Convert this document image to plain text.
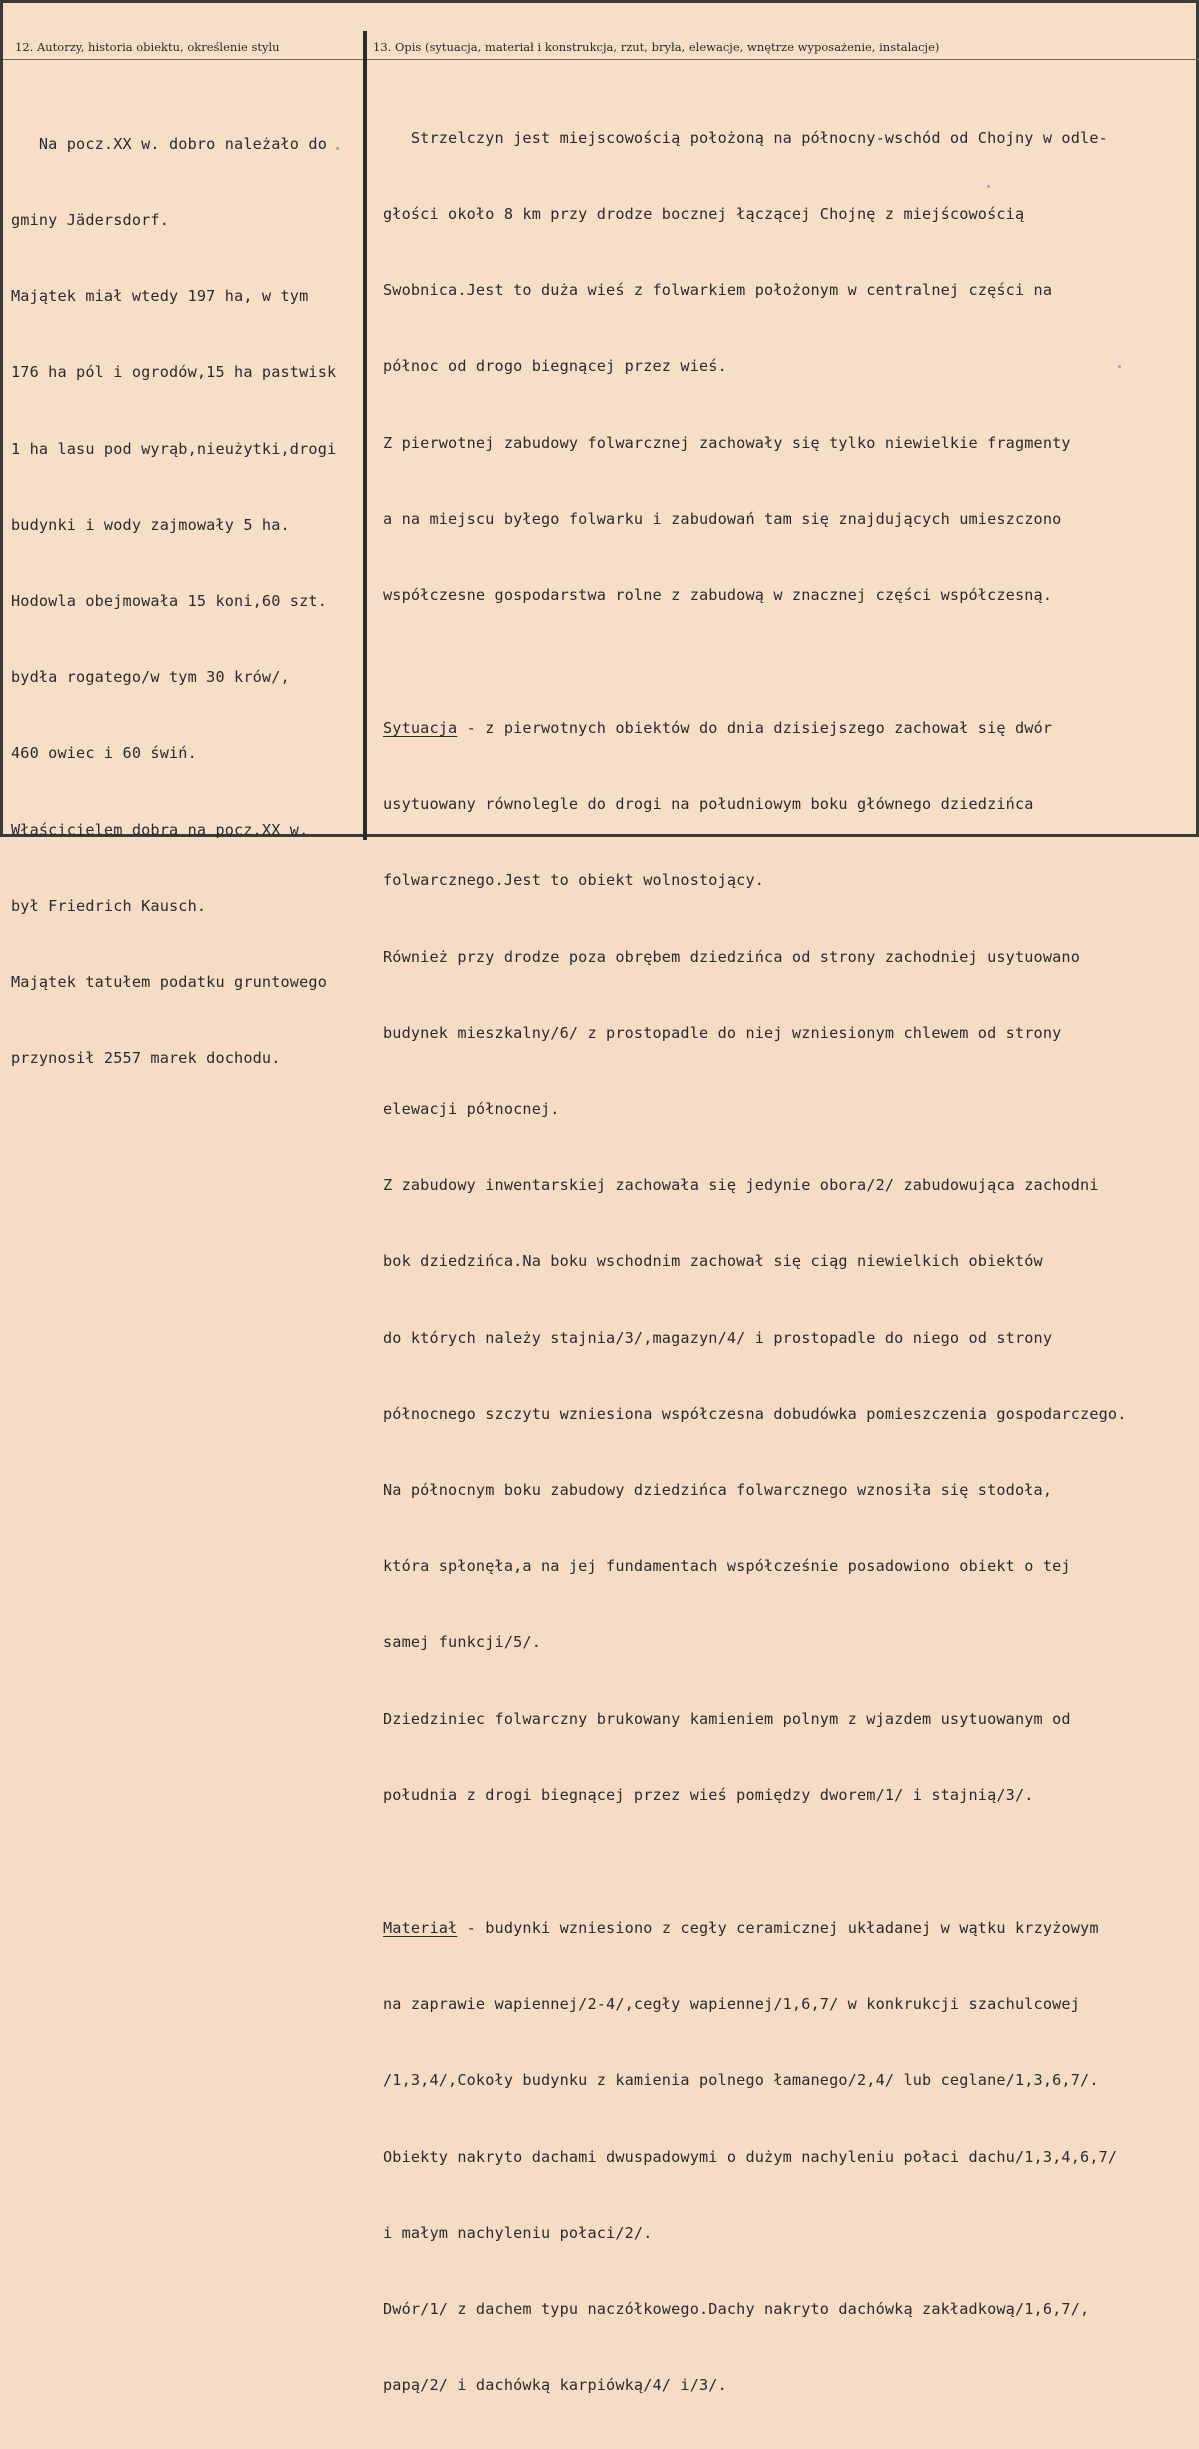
12. Autorzy, historia obiektu, określenie stylu	13. Opis (sytuacja, materiał i konstrukcja, rzut, bryła, elewacje, wnętrze wyposażenie, instalacje)

Na pocz.XX w. dobro należało do

gminy Jädersdorf.

Majątek miał wtedy 197 ha, w tym

176 ha pól i ogrodów,15 ha pastwisk

1 ha lasu pod wyrąb,nieużytki,drogi

budynki i wody zajmowały 5 ha.

Hodowla obejmowała 15 koni,60 szt.

bydła rogatego/w tym 30 krów/,

460 owiec i 60 świń.

Właścicielem dobra na pocz.XX w.

był Friedrich Kausch.

Majątek tatułem podatku gruntowego

przynosił 2557 marek dochodu.

Strzelczyn jest miejscowością położoną na północny-wschód od Chojny w odle-

głości około 8 km przy drodze bocznej łączącej Chojnę z miejścowością

Swobnica.Jest to duża wieś z folwarkiem położonym w centralnej części na

północ od drogo biegnącej przez wieś.

Z pierwotnej zabudowy folwarcznej zachowały się tylko niewielkie fragmenty

a na miejscu byłego folwarku i zabudowań tam się znajdujących umieszczono

współczesne gospodarstwa rolne z zabudową w znacznej części współczesną.

Sytuacja - z pierwotnych obiektów do dnia dzisiejszego zachował się dwór

usytuowany równolegle do drogi na południowym boku głównego dziedzińca

folwarcznego.Jest to obiekt wolnostojący.

Również przy drodze poza obrębem dziedzińca od strony zachodniej usytuowano

budynek mieszkalny/6/ z prostopadle do niej wzniesionym chlewem od strony

elewacji północnej.

Z zabudowy inwentarskiej zachowała się jedynie obora/2/ zabudowująca zachodni

bok dziedzińca.Na boku wschodnim zachował się ciąg niewielkich obiektów

do których należy stajnia/3/,magazyn/4/ i prostopadle do niego od strony

północnego szczytu wzniesiona współczesna dobudówka pomieszczenia gospodarczego.

Na północnym boku zabudowy dziedzińca folwarcznego wznosiła się stodoła,

która spłonęła,a na jej fundamentach współcześnie posadowiono obiekt o tej

samej funkcji/5/.

Dziedziniec folwarczny brukowany kamieniem polnym z wjazdem usytuowanym od

południa z drogi biegnącej przez wieś pomiędzy dworem/1/ i stajnią/3/.

Materiał - budynki wzniesiono z cegły ceramicznej układanej w wątku krzyżowym

na zaprawie wapiennej/2-4/,cegły wapiennej/1,6,7/ w konkrukcji szachulcowej

/1,3,4/,Cokoły budynku z kamienia polnego łamanego/2,4/ lub ceglane/1,3,6,7/.

Obiekty nakryto dachami dwuspadowymi o dużym nachyleniu połaci dachu/1,3,4,6,7/

i małym nachyleniu połaci/2/.

Dwór/1/ z dachem typu naczółkowego.Dachy nakryto dachówką zakładkową/1,6,7/,

papą/2/ i dachówką karpiówką/4/ i/3/.
